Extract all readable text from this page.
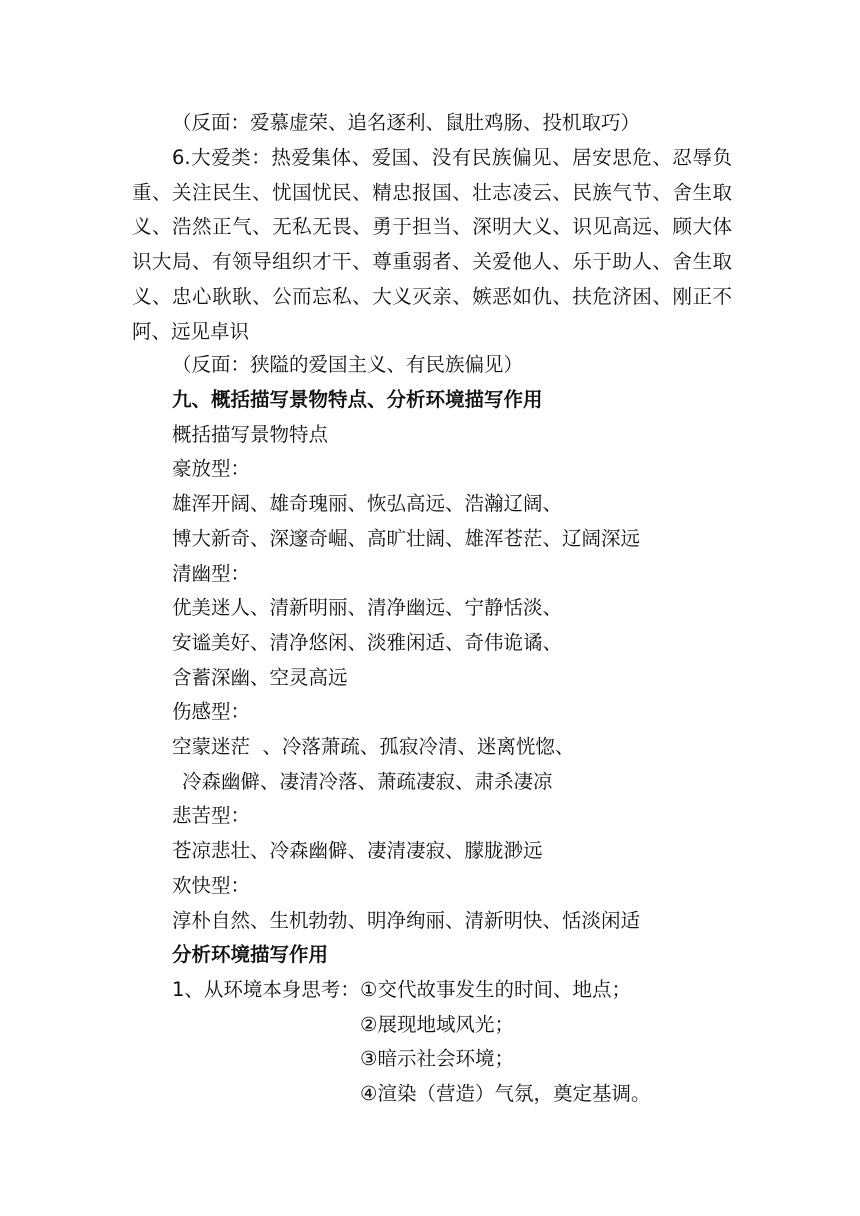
（反面：爱慕虚荣、追名逐利、鼠肚鸡肠、投机取巧）
6.大爱类：热爱集体、爱国、没有民族偏见、居安思危、忍辱负重、关注民生、忧国忧民、精忠报国、壮志凌云、民族气节、舍生取义、浩然正气、无私无畏、勇于担当、深明大义、识见高远、顾大体识大局、有领导组织才干、尊重弱者、关爱他人、乐于助人、舍生取义、忠心耿耿、公而忘私、大义灭亲、嫉恶如仇、扶危济困、刚正不阿、远见卓识
（反面：狭隘的爱国主义、有民族偏见）
九、概括描写景物特点、分析环境描写作用
概括描写景物特点
豪放型：
雄浑开阔、雄奇瑰丽、恢弘高远、浩瀚辽阔、
博大新奇、深邃奇崛、高旷壮阔、雄浑苍茫、辽阔深远
清幽型：
优美迷人、清新明丽、清净幽远、宁静恬淡、
安谧美好、清净悠闲、淡雅闲适、奇伟诡谲、
含蓄深幽、空灵高远
伤感型：
空蒙迷茫  、冷落萧疏、孤寂冷清、迷离恍惚、
冷森幽僻、凄清冷落、萧疏凄寂、肃杀凄凉
悲苦型：
苍凉悲壮、冷森幽僻、凄清凄寂、朦胧渺远
欢快型：
淳朴自然、生机勃勃、明净绚丽、清新明快、恬淡闲适
分析环境描写作用
1、从环境本身思考： ①交代故事发生的时间、地点；
②展现地域风光；
③暗示社会环境；
④渲染（营造）气氛，奠定基调。
